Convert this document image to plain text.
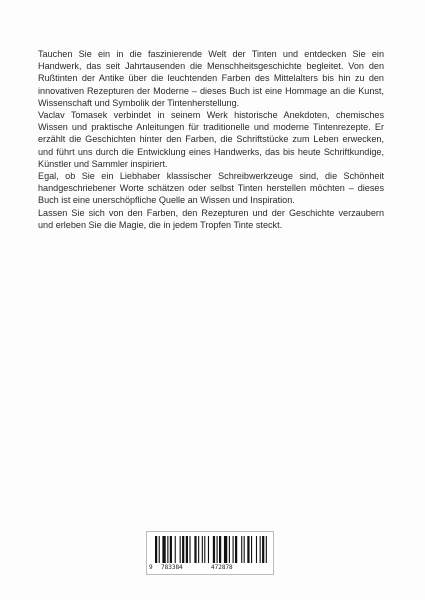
Tauchen Sie ein in die faszinierende Welt der Tinten und entdecken Sie ein Handwerk, das seit Jahrtausenden die Menschheitsgeschichte begleitet. Von den Rußtinten der Antike über die leuchtenden Farben des Mittelalters bis hin zu den innovativen Rezepturen der Moderne – dieses Buch ist eine Hommage an die Kunst, Wissenschaft und Symbolik der Tintenherstellung.

Vaclav Tomasek verbindet in seinem Werk historische Anekdoten, chemisches Wissen und praktische Anleitungen für traditionelle und moderne Tintenrezepte. Er erzählt die Geschichten hinter den Farben, die Schriftstücke zum Leben erwecken, und führt uns durch die Entwicklung eines Handwerks, das bis heute Schriftkundige, Künstler und Sammler inspiriert.

Egal, ob Sie ein Liebhaber klassischer Schreibwerkzeuge sind, die Schönheit handgeschriebener Worte schätzen oder selbst Tinten herstellen möchten – dieses Buch ist eine unerschöpfliche Quelle an Wissen und Inspiration.

Lassen Sie sich von den Farben, den Rezepturen und der Geschichte verzaubern und erleben Sie die Magie, die in jedem Tropfen Tinte steckt.

9 783384	472878
